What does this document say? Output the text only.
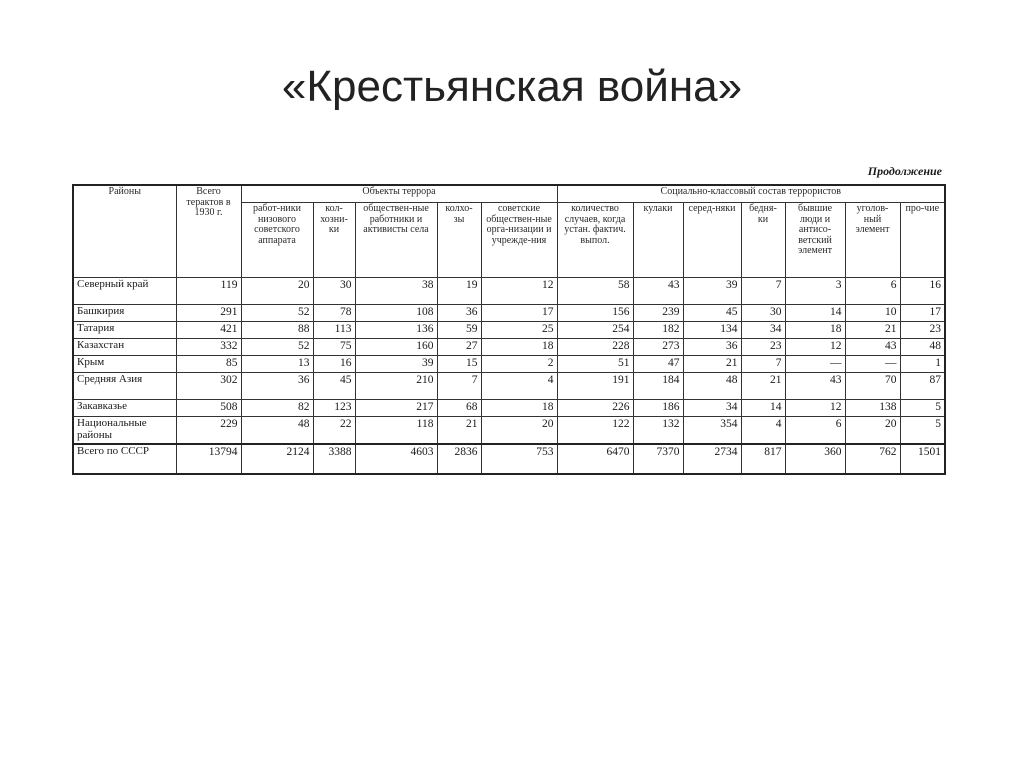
«Крестьянская война»
Продолжение
Районы	Всего терактов в 1930 г.	Объекты террора					Социально-классовый состав террористов						
		работ-ники низового советского аппарата	кол-хозни-ки	обществен-ные работники и активисты села	колхо-зы	советские обществен-ные орга-низации и учрежде-ния	количество случаев, когда устан. фактич. выпол.	кулаки	серед-няки	бедня-ки	бывшие люди и антисо-ветский элемент	уголов-ный элемент	про-чие
Северный край	119	20	30	38	19	12	58	43	39	7	3	6	16
Башкирия	291	52	78	108	36	17	156	239	45	30	14	10	17
Татария	421	88	113	136	59	25	254	182	134	34	18	21	23
Казахстан	332	52	75	160	27	18	228	273	36	23	12	43	48
Крым	85	13	16	39	15	2	51	47	21	7	—	—	1
Средняя Азия	302	36	45	210	7	4	191	184	48	21	43	70	87
Закавказье	508	82	123	217	68	18	226	186	34	14	12	138	5
Национальные районы	229	48	22	118	21	20	122	132	354	4	6	20	5
Всего по СССР	13794	2124	3388	4603	2836	753	6470	7370	2734	817	360	762	1501
